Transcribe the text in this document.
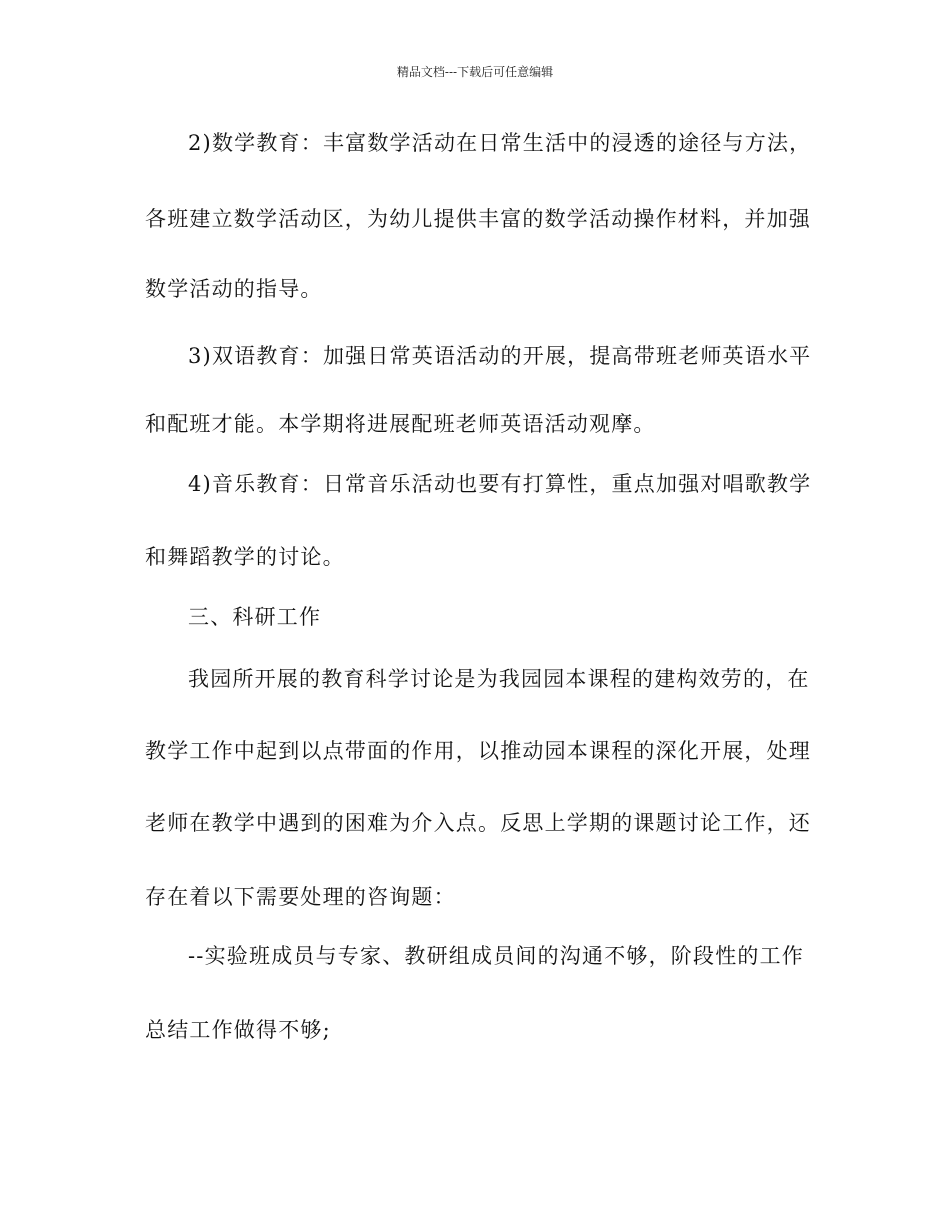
精品文档---下载后可任意编辑
2)数学教育：丰富数学活动在日常生活中的浸透的途径与方法，
各班建立数学活动区，为幼儿提供丰富的数学活动操作材料，并加强
数学活动的指导。
3)双语教育：加强日常英语活动的开展，提高带班老师英语水平
和配班才能。本学期将进展配班老师英语活动观摩。
4)音乐教育：日常音乐活动也要有打算性，重点加强对唱歌教学
和舞蹈教学的讨论。
三、科研工作
我园所开展的教育科学讨论是为我园园本课程的建构效劳的，在
教学工作中起到以点带面的作用，以推动园本课程的深化开展，处理
老师在教学中遇到的困难为介入点。反思上学期的课题讨论工作，还
存在着以下需要处理的咨询题：
--实验班成员与专家、教研组成员间的沟通不够，阶段性的工作
总结工作做得不够;
